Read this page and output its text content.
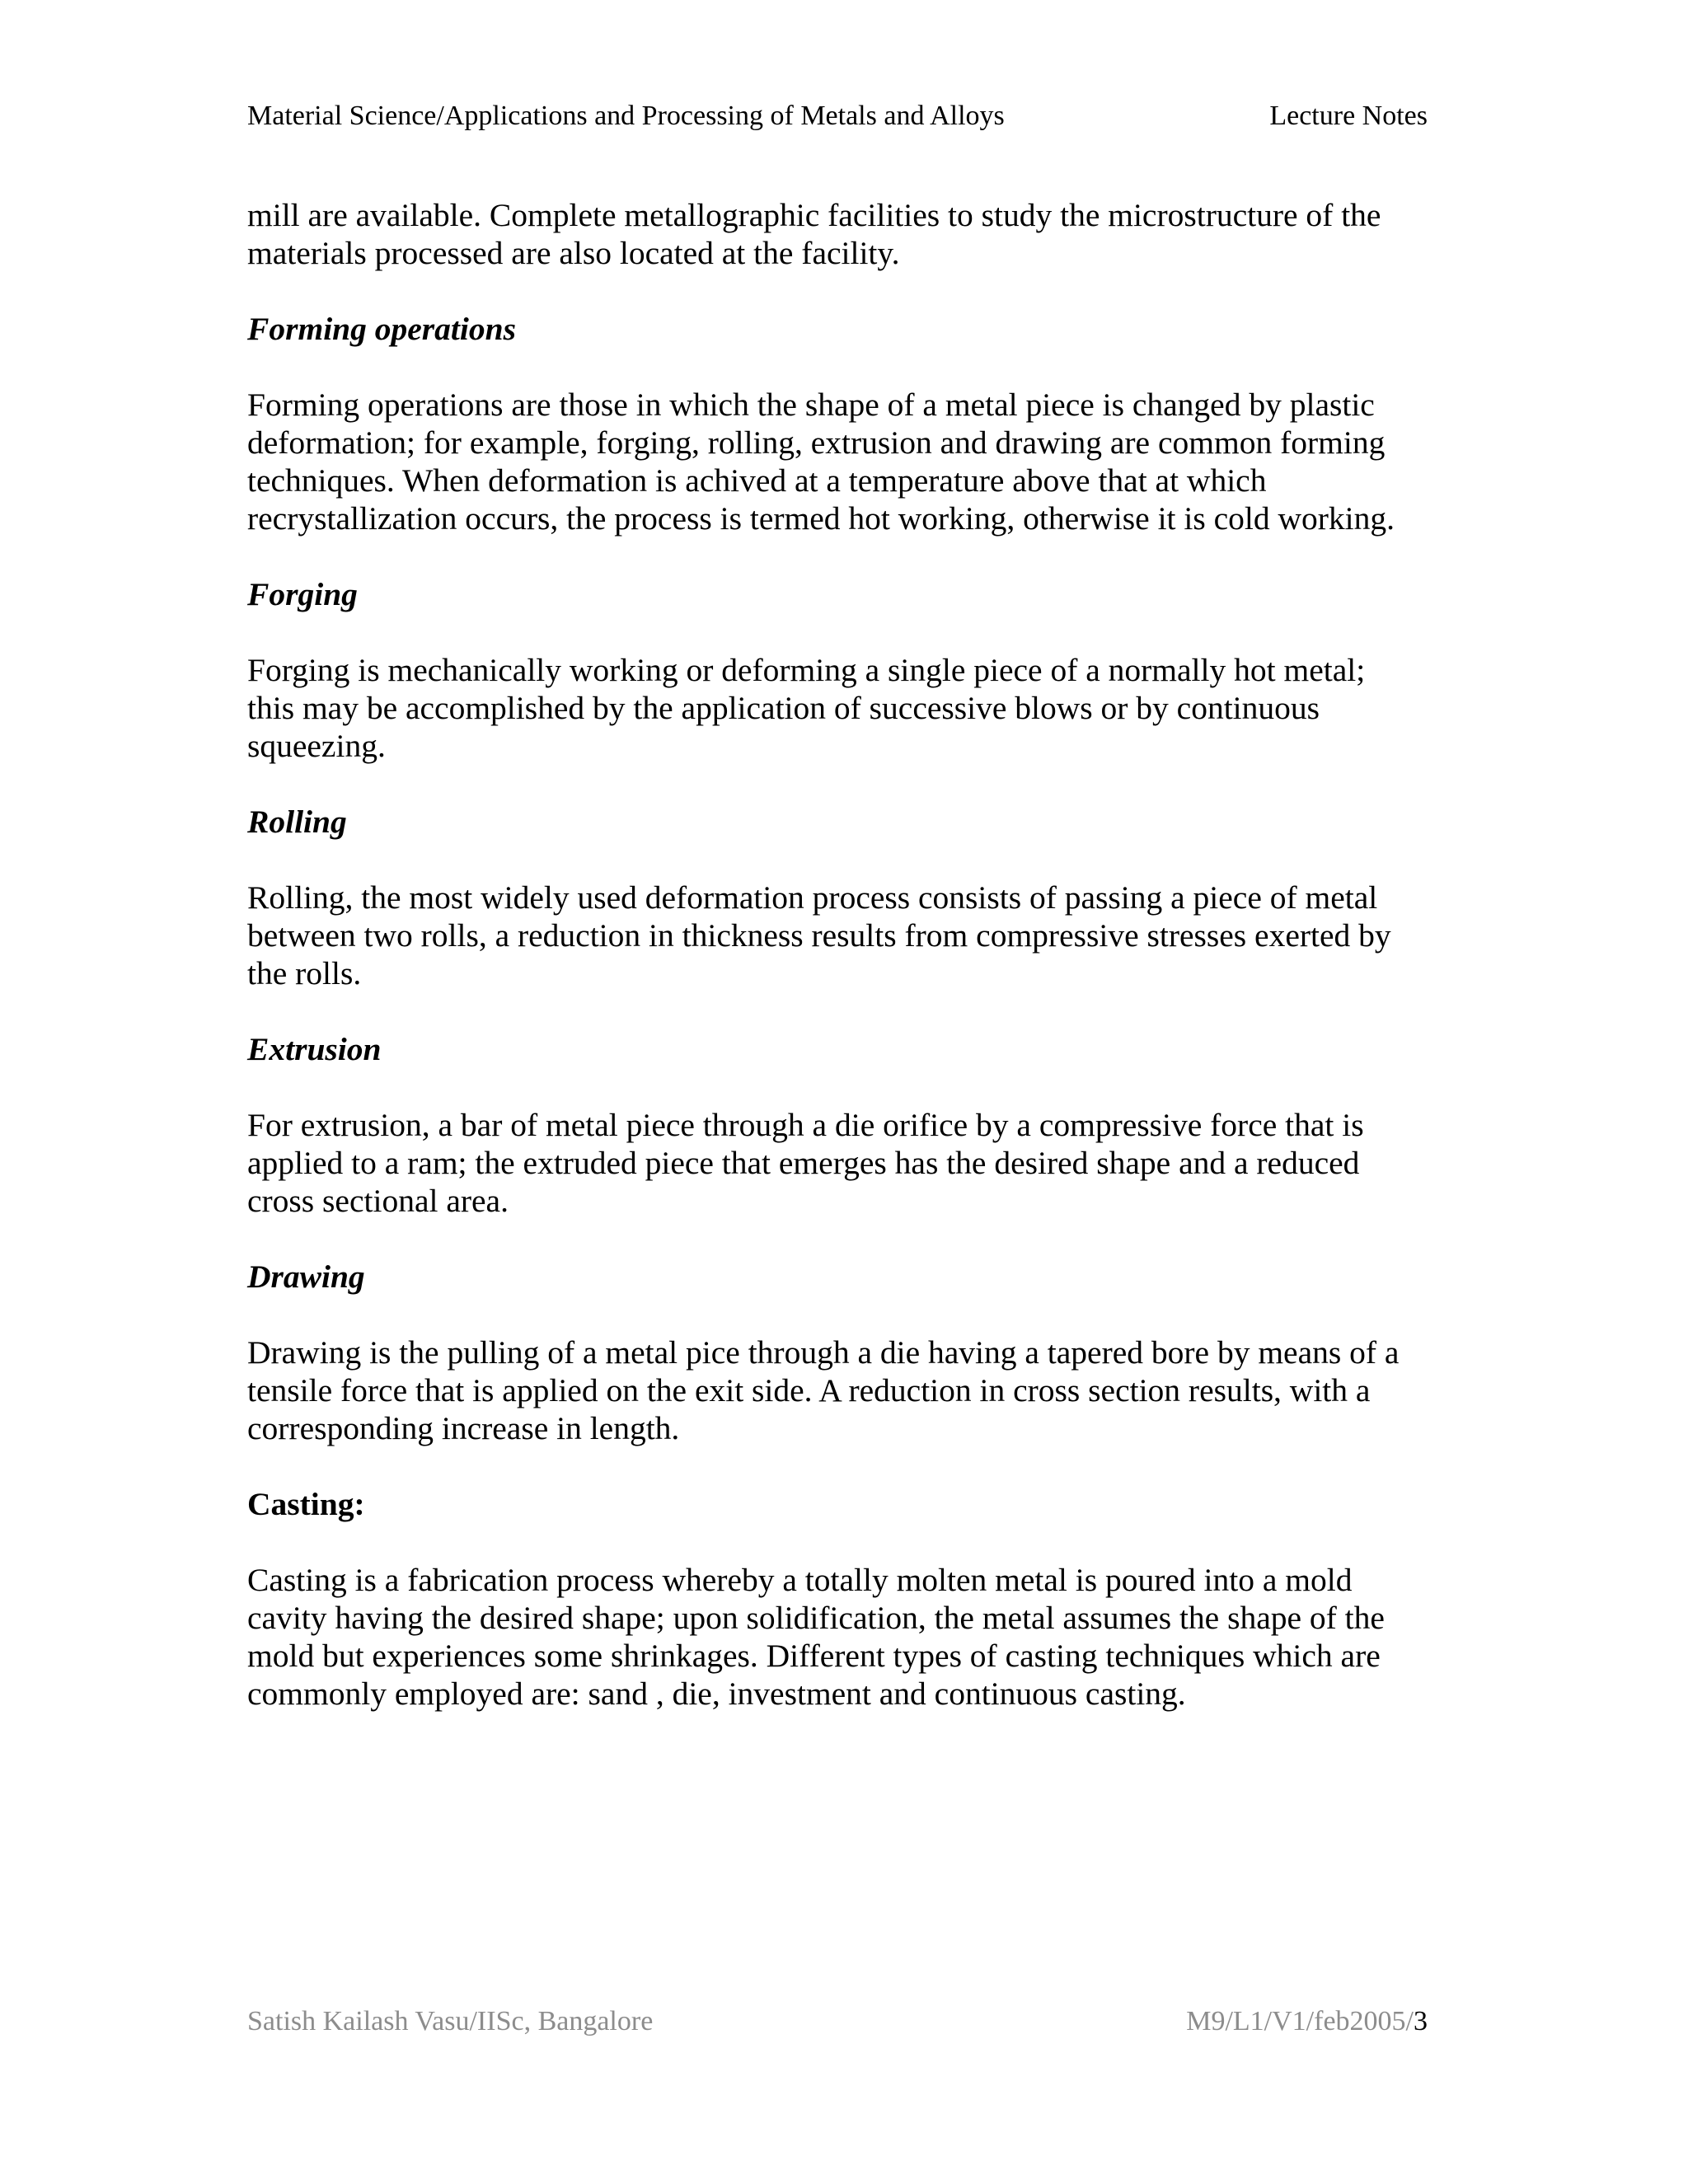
Material Science/Applications and Processing of Metals and Alloys	Lecture Notes

mill are available. Complete metallographic facilities to study the microstructure of the
materials processed are also located at the facility.

Forming operations

Forming operations are those in which the shape of a metal piece is changed by plastic
deformation; for example, forging, rolling, extrusion and drawing are common forming
techniques. When deformation is achived at a temperature above that at which
recrystallization occurs, the process is termed hot working, otherwise it is cold working.

Forging

Forging is mechanically working or deforming a single piece of a normally hot metal;
this may be accomplished by the application of successive blows or by continuous
squeezing.

Rolling

Rolling, the most widely used deformation process consists of passing a piece of metal
between two rolls, a reduction in thickness results from compressive stresses exerted by
the rolls.

Extrusion

For extrusion, a bar of metal piece through a die orifice by a compressive force that is
applied to a ram; the extruded piece that emerges has the desired shape and a reduced
cross sectional area.

Drawing

Drawing is the pulling of a metal pice through a die having a tapered bore by means of a
tensile force that is applied on the exit side. A reduction in cross section results, with a
corresponding increase in length.

Casting:

Casting is a fabrication process whereby a totally molten metal is poured into a mold
cavity having the desired shape; upon solidification, the metal assumes the shape of the
mold but experiences some shrinkages. Different types of casting techniques which are
commonly employed are: sand , die, investment and continuous casting.

Satish Kailash Vasu/IISc, Bangalore	M9/L1/V1/feb2005/3
